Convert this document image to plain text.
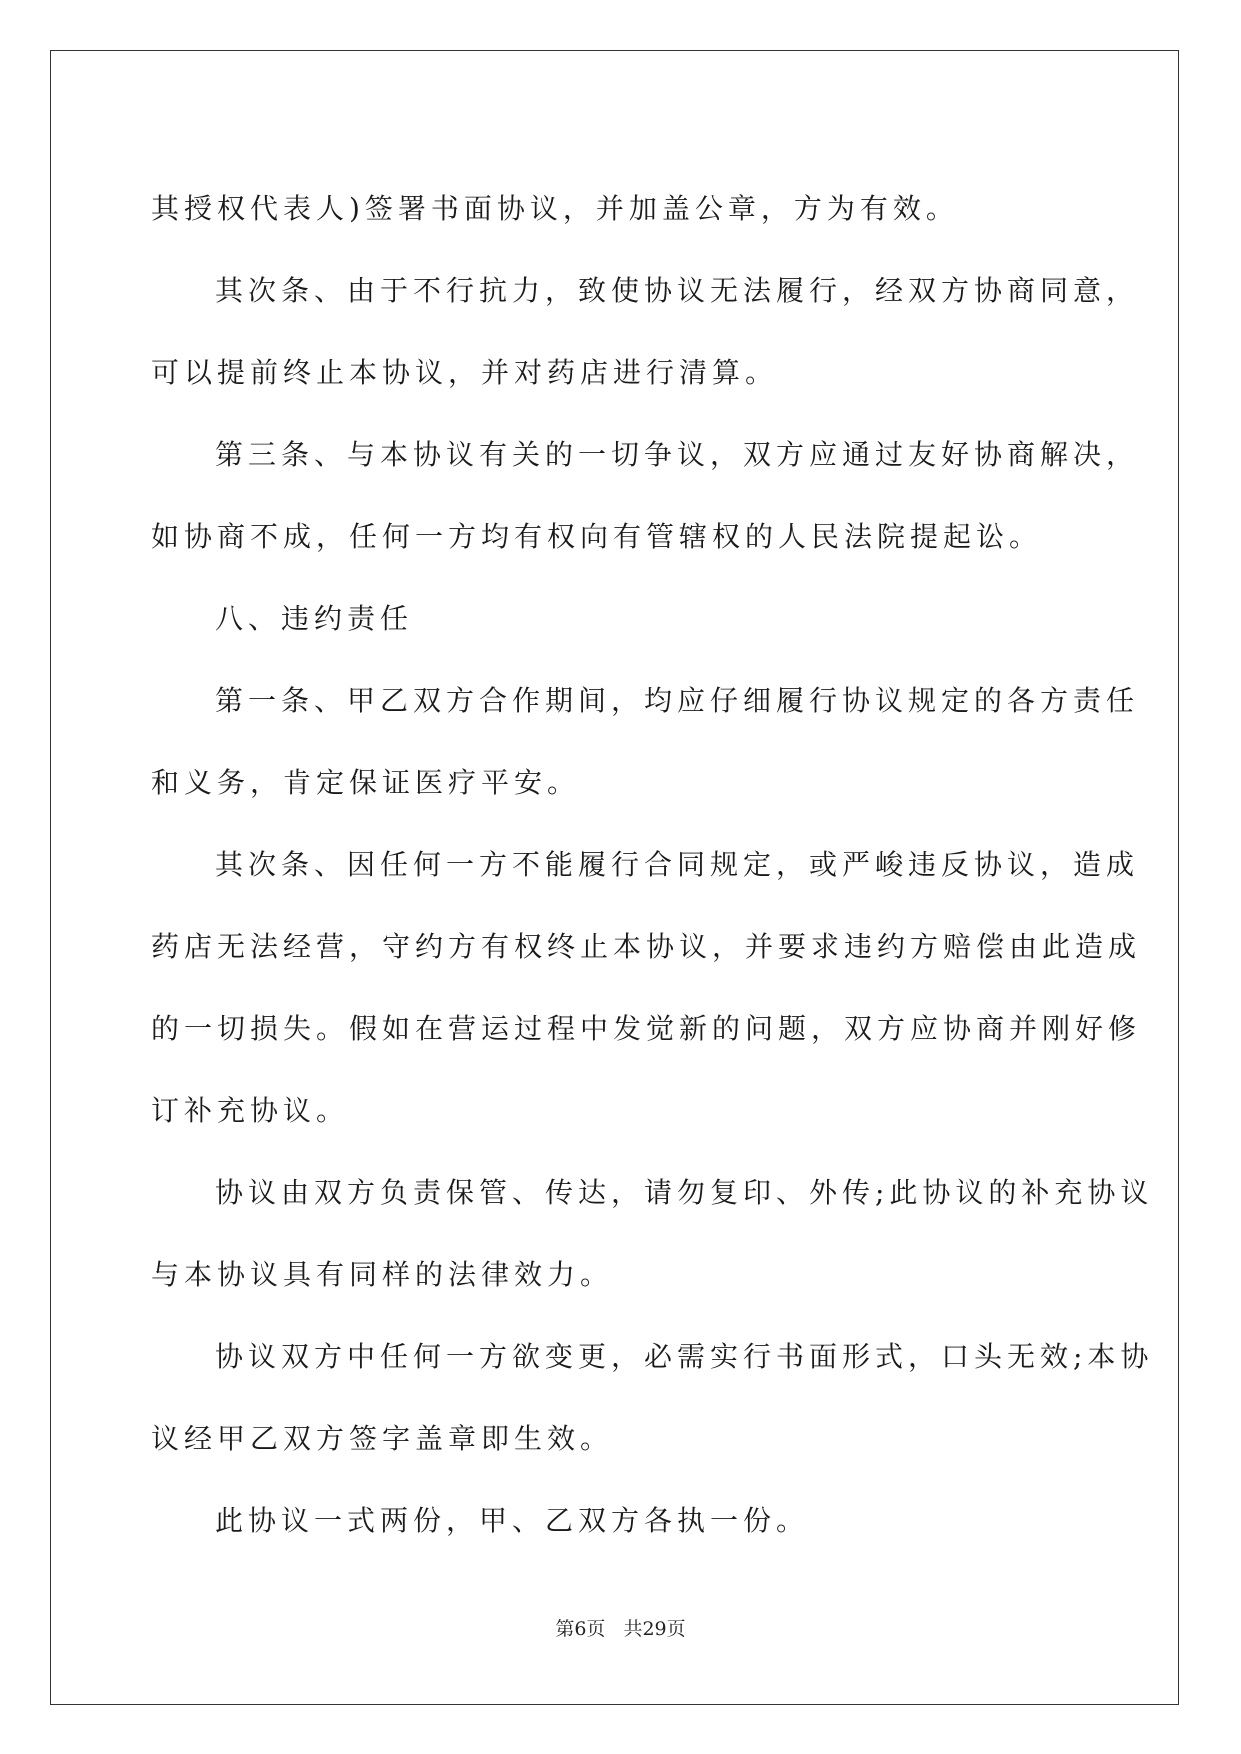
其授权代表人)签署书面协议，并加盖公章，方为有效。
其次条、由于不行抗力，致使协议无法履行，经双方协商同意，
可以提前终止本协议，并对药店进行清算。
第三条、与本协议有关的一切争议，双方应通过友好协商解决，
如协商不成，任何一方均有权向有管辖权的人民法院提起讼。
八、违约责任
第一条、甲乙双方合作期间，均应仔细履行协议规定的各方责任
和义务，肯定保证医疗平安。
其次条、因任何一方不能履行合同规定，或严峻违反协议，造成
药店无法经营，守约方有权终止本协议，并要求违约方赔偿由此造成
的一切损失。假如在营运过程中发觉新的问题，双方应协商并刚好修
订补充协议。
协议由双方负责保管、传达，请勿复印、外传;此协议的补充协议
与本协议具有同样的法律效力。
协议双方中任何一方欲变更，必需实行书面形式，口头无效;本协
议经甲乙双方签字盖章即生效。
此协议一式两份，甲、乙双方各执一份。
第6页 共29页
